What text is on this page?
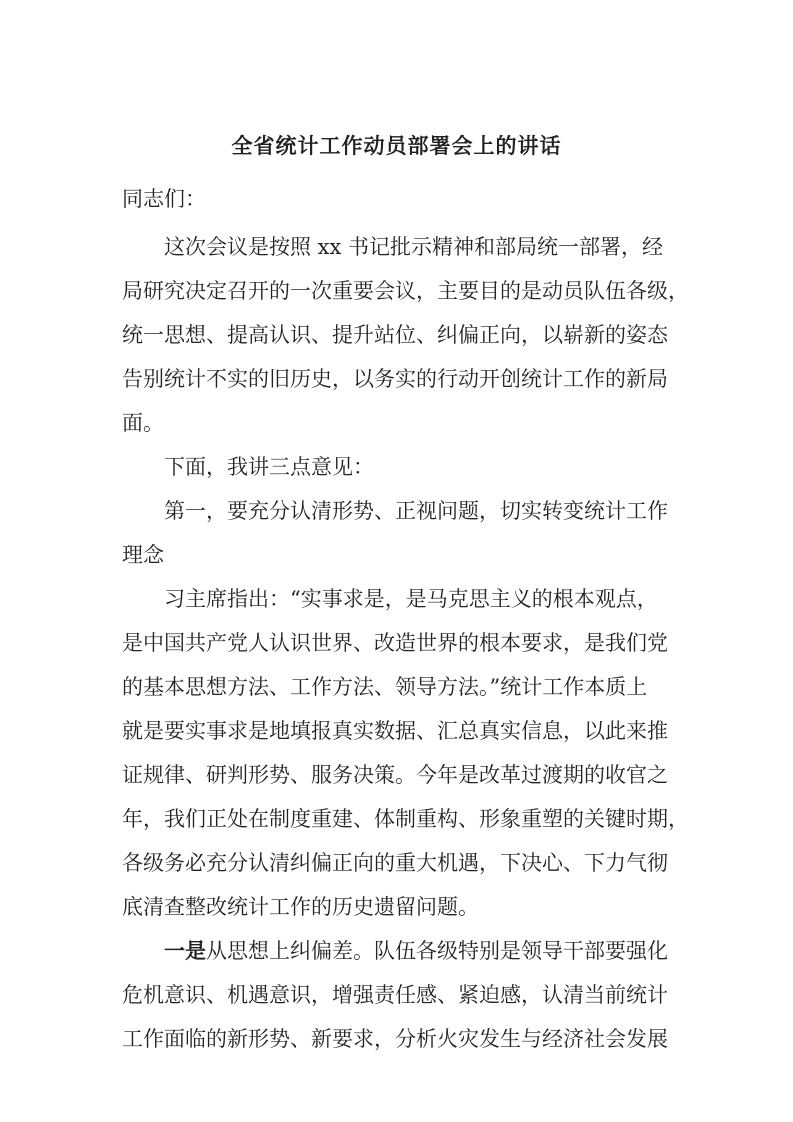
全省统计工作动员部署会上的讲话
同志们：
这次会议是按照 xx 书记批示精神和部局统一部署，经
局研究决定召开的一次重要会议，主要目的是动员队伍各级，
统一思想、提高认识、提升站位、纠偏正向，以崭新的姿态
告别统计不实的旧历史，以务实的行动开创统计工作的新局
面。
下面，我讲三点意见：
第一，要充分认清形势、正视问题，切实转变统计工作
理念
习主席指出：“实事求是，是马克思主义的根本观点，
是中国共产党人认识世界、改造世界的根本要求，是我们党
的基本思想方法、工作方法、领导方法。”统计工作本质上
就是要实事求是地填报真实数据、汇总真实信息，以此来推
证规律、研判形势、服务决策。今年是改革过渡期的收官之
年，我们正处在制度重建、体制重构、形象重塑的关键时期，
各级务必充分认清纠偏正向的重大机遇，下决心、下力气彻
底清查整改统计工作的历史遗留问题。
一是从思想上纠偏差。队伍各级特别是领导干部要强化
危机意识、机遇意识，增强责任感、紧迫感，认清当前统计
工作面临的新形势、新要求，分析火灾发生与经济社会发展
